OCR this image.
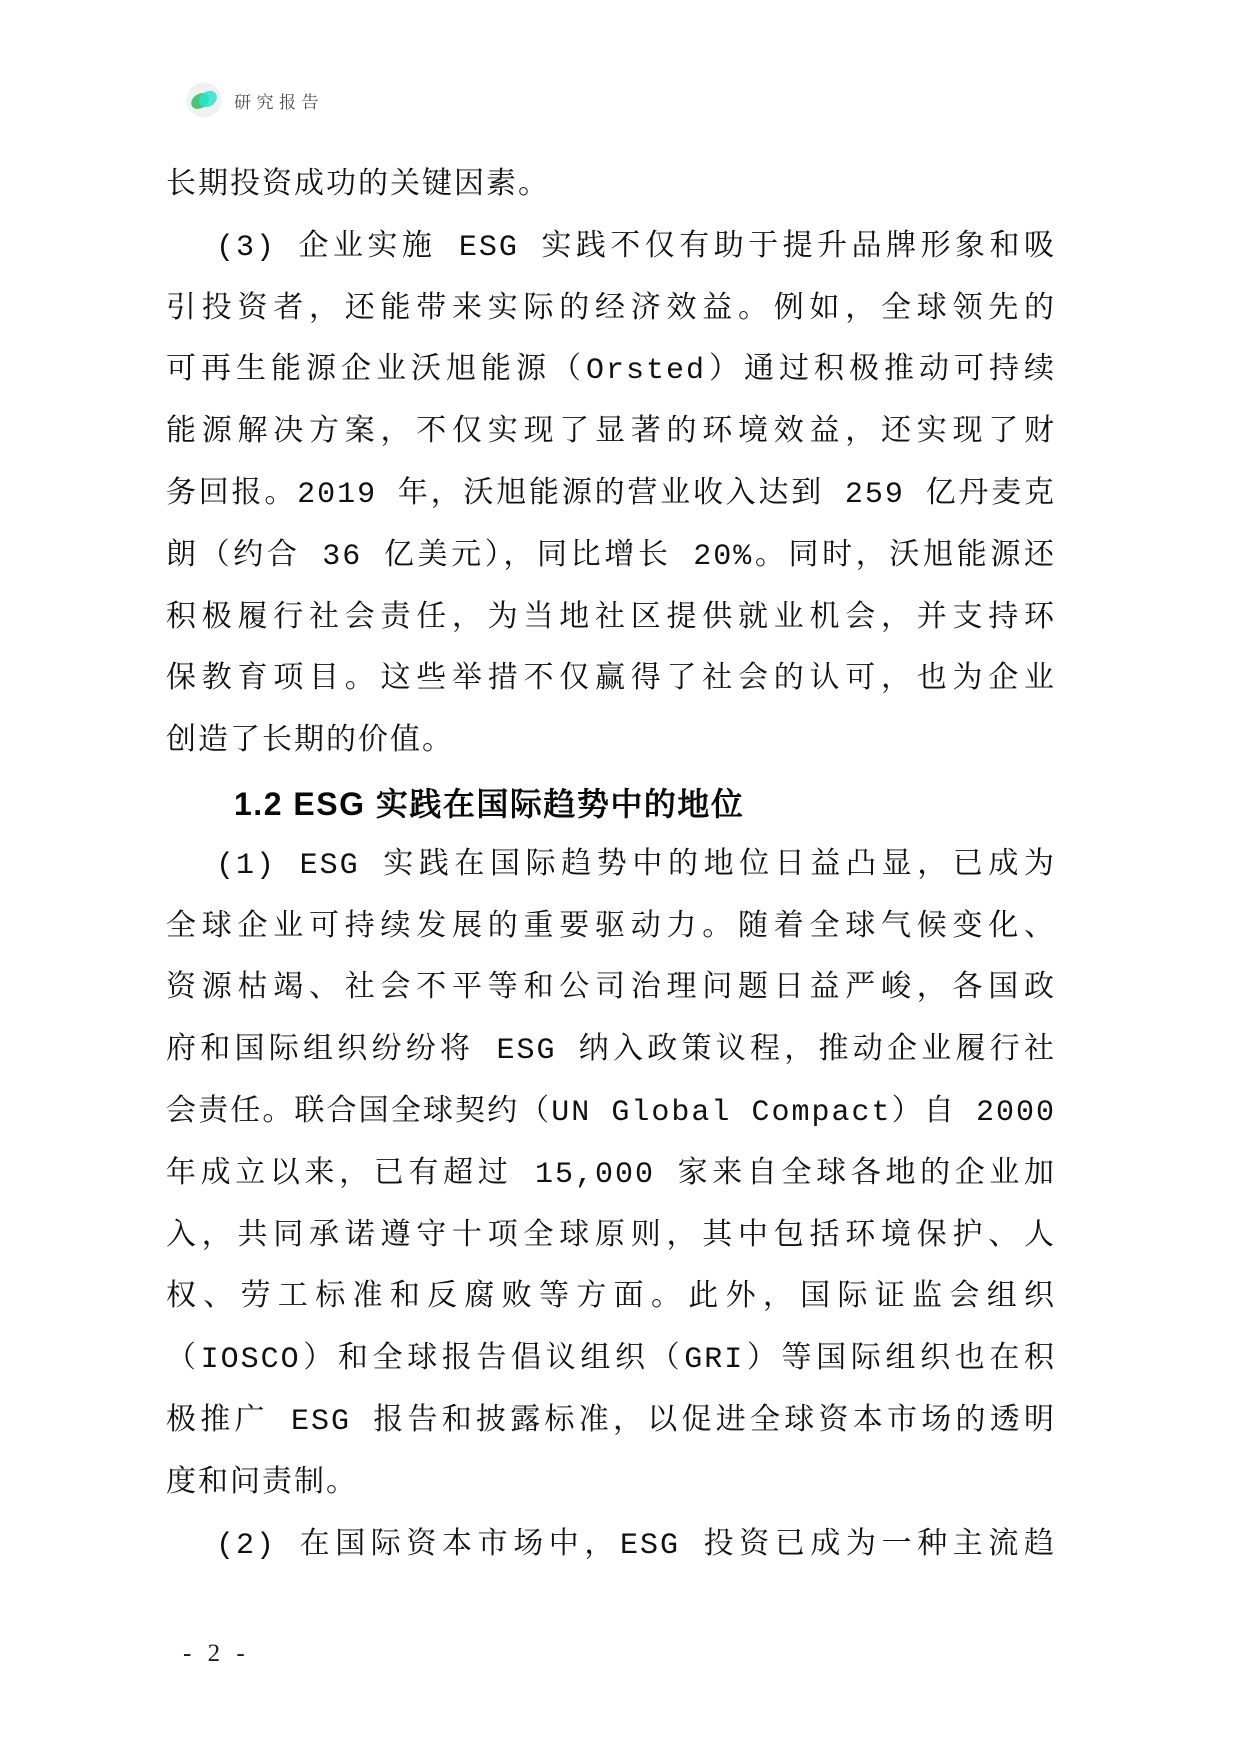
研究报告
长期投资成功的关键因素。
(3) 企业实施 ESG 实践不仅有助于提升品牌形象和吸
引投资者，还能带来实际的经济效益。例如，全球领先的
可再生能源企业沃旭能源（Orsted）通过积极推动可持续
能源解决方案，不仅实现了显著的环境效益，还实现了财
务回报。2019 年，沃旭能源的营业收入达到 259 亿丹麦克
朗（约合 36 亿美元），同比增长 20%。同时，沃旭能源还
积极履行社会责任，为当地社区提供就业机会，并支持环
保教育项目。这些举措不仅赢得了社会的认可，也为企业
创造了长期的价值。
1.2 ESG 实践在国际趋势中的地位
(1) ESG 实践在国际趋势中的地位日益凸显，已成为
全球企业可持续发展的重要驱动力。随着全球气候变化、
资源枯竭、社会不平等和公司治理问题日益严峻，各国政
府和国际组织纷纷将 ESG 纳入政策议程，推动企业履行社
会责任。联合国全球契约（UN Global Compact）自 2000
年成立以来，已有超过 15,000 家来自全球各地的企业加
入，共同承诺遵守十项全球原则，其中包括环境保护、人
权、劳工标准和反腐败等方面。此外，国际证监会组织
（IOSCO）和全球报告倡议组织（GRI）等国际组织也在积
极推广 ESG 报告和披露标准，以促进全球资本市场的透明
度和问责制。
(2) 在国际资本市场中，ESG 投资已成为一种主流趋
- 2 -
